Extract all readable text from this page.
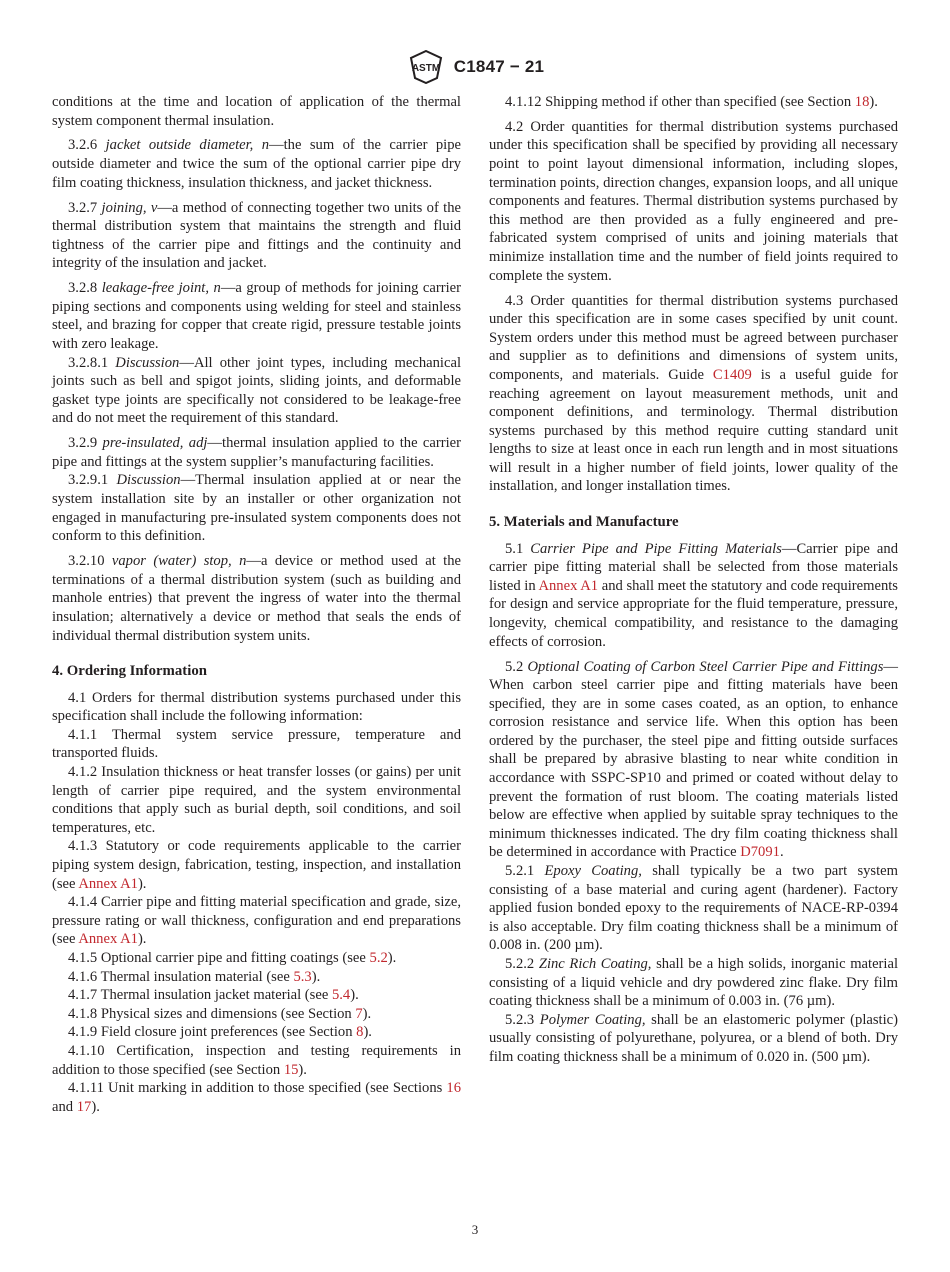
ASTM C1847 − 21

conditions at the time and location of application of the thermal system component thermal insulation.

3.2.6 jacket outside diameter, n—the sum of the carrier pipe outside diameter and twice the sum of the optional carrier pipe dry film coating thickness, insulation thickness, and jacket thickness.

3.2.7 joining, v—a method of connecting together two units of the thermal distribution system that maintains the strength and fluid tightness of the carrier pipe and fittings and the continuity and integrity of the insulation and jacket.

3.2.8 leakage-free joint, n—a group of methods for joining carrier piping sections and components using welding for steel and stainless steel, and brazing for copper that create rigid, pressure testable joints with zero leakage.

3.2.8.1 Discussion—All other joint types, including mechanical joints such as bell and spigot joints, sliding joints, and deformable gasket type joints are specifically not considered to be leakage-free and do not meet the requirement of this standard.

3.2.9 pre-insulated, adj—thermal insulation applied to the carrier pipe and fittings at the system supplier’s manufacturing facilities.

3.2.9.1 Discussion—Thermal insulation applied at or near the system installation site by an installer or other organization not engaged in manufacturing pre-insulated system components does not conform to this definition.

3.2.10 vapor (water) stop, n—a device or method used at the terminations of a thermal distribution system (such as building and manhole entries) that prevent the ingress of water into the thermal insulation; alternatively a device or method that seals the ends of individual thermal distribution system units.

4. Ordering Information

4.1 Orders for thermal distribution systems purchased under this specification shall include the following information:

4.1.1 Thermal system service pressure, temperature and transported fluids.

4.1.2 Insulation thickness or heat transfer losses (or gains) per unit length of carrier pipe required, and the system environmental conditions that apply such as burial depth, soil conditions, and soil temperatures, etc.

4.1.3 Statutory or code requirements applicable to the carrier piping system design, fabrication, testing, inspection, and installation (see Annex A1).

4.1.4 Carrier pipe and fitting material specification and grade, size, pressure rating or wall thickness, configuration and end preparations (see Annex A1).

4.1.5 Optional carrier pipe and fitting coatings (see 5.2).

4.1.6 Thermal insulation material (see 5.3).

4.1.7 Thermal insulation jacket material (see 5.4).

4.1.8 Physical sizes and dimensions (see Section 7).

4.1.9 Field closure joint preferences (see Section 8).

4.1.10 Certification, inspection and testing requirements in addition to those specified (see Section 15).

4.1.11 Unit marking in addition to those specified (see Sections 16 and 17).

4.1.12 Shipping method if other than specified (see Section 18).

4.2 Order quantities for thermal distribution systems purchased under this specification shall be specified by providing all necessary point to point layout dimensional information, including slopes, termination points, direction changes, expansion loops, and all unique components and features. Thermal distribution systems purchased by this method are then provided as a fully engineered and pre-fabricated system comprised of units and joining materials that minimize installation time and the number of field joints required to complete the system.

4.3 Order quantities for thermal distribution systems purchased under this specification are in some cases specified by unit count. System orders under this method must be agreed between purchaser and supplier as to definitions and dimensions of system units, components, and materials. Guide C1409 is a useful guide for reaching agreement on layout measurement methods, unit and component definitions, and terminology. Thermal distribution systems purchased by this method require cutting standard unit lengths to size at least once in each run length and in most situations will result in a higher number of field joints, lower quality of the installation, and longer installation times.

5. Materials and Manufacture

5.1 Carrier Pipe and Pipe Fitting Materials—Carrier pipe and carrier pipe fitting material shall be selected from those materials listed in Annex A1 and shall meet the statutory and code requirements for design and service appropriate for the fluid temperature, pressure, longevity, chemical compatibility, and resistance to the damaging effects of corrosion.

5.2 Optional Coating of Carbon Steel Carrier Pipe and Fittings—When carbon steel carrier pipe and fitting materials have been specified, they are in some cases coated, as an option, to enhance corrosion resistance and service life. When this option has been ordered by the purchaser, the steel pipe and fitting outside surfaces shall be prepared by abrasive blasting to near white condition in accordance with SSPC-SP10 and primed or coated without delay to prevent the formation of rust bloom. The coating materials listed below are effective when applied by suitable spray techniques to the minimum thicknesses indicated. The dry film coating thickness shall be determined in accordance with Practice D7091.

5.2.1 Epoxy Coating, shall typically be a two part system consisting of a base material and curing agent (hardener). Factory applied fusion bonded epoxy to the requirements of NACE-RP-0394 is also acceptable. Dry film coating thickness shall be a minimum of 0.008 in. (200 µm).

5.2.2 Zinc Rich Coating, shall be a high solids, inorganic material consisting of a liquid vehicle and dry powdered zinc flake. Dry film coating thickness shall be a minimum of 0.003 in. (76 µm).

5.2.3 Polymer Coating, shall be an elastomeric polymer (plastic) usually consisting of polyurethane, polyurea, or a blend of both. Dry film coating thickness shall be a minimum of 0.020 in. (500 µm).

3
